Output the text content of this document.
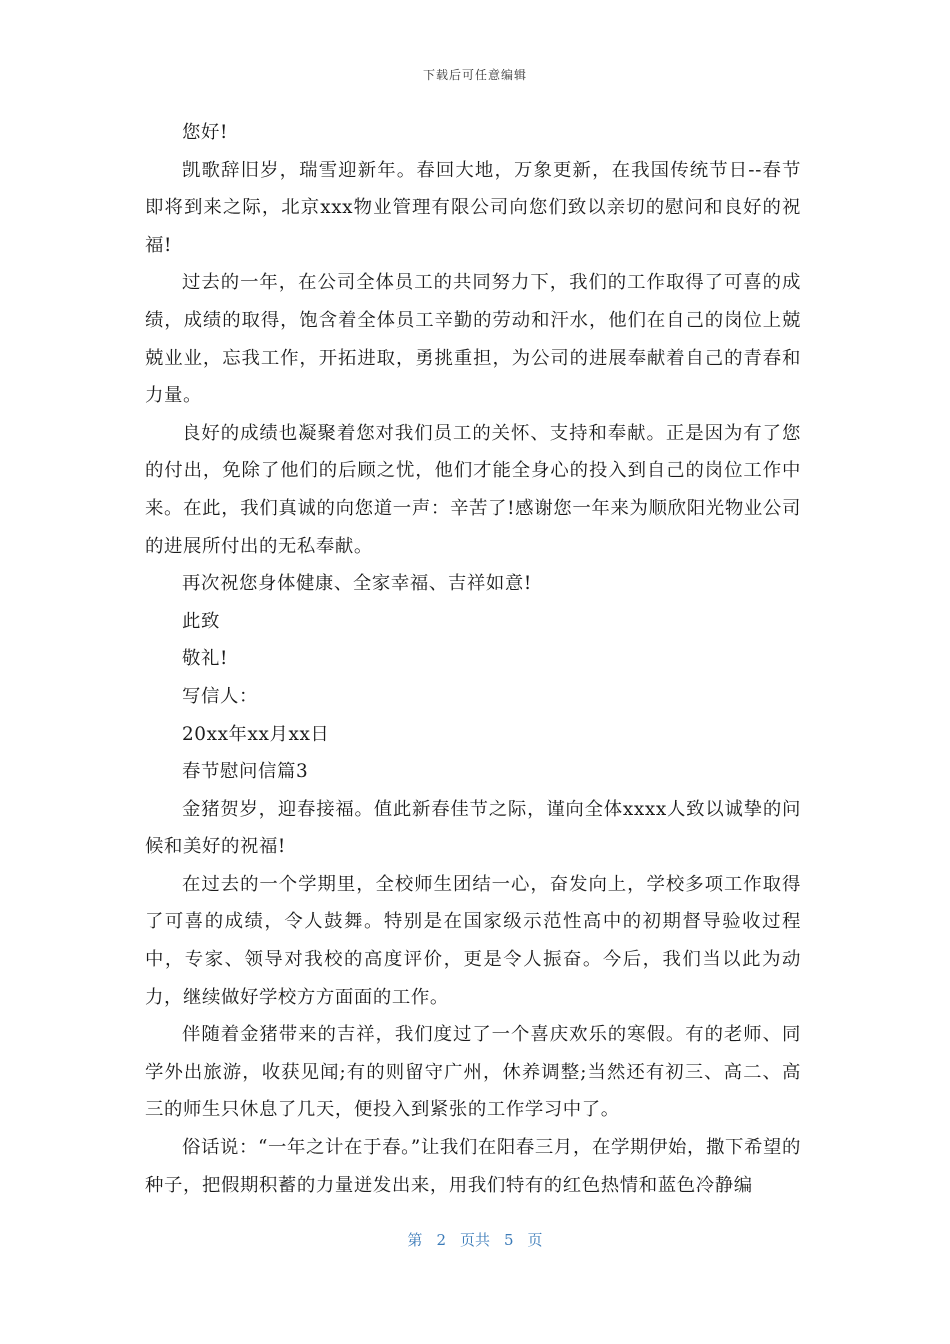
下载后可任意编辑

您好!

凯歌辞旧岁，瑞雪迎新年。春回大地，万象更新，在我国传统节日--春节即将到来之际，北京xxx物业管理有限公司向您们致以亲切的慰问和良好的祝福!

过去的一年，在公司全体员工的共同努力下，我们的工作取得了可喜的成绩，成绩的取得，饱含着全体员工辛勤的劳动和汗水，他们在自己的岗位上兢兢业业，忘我工作，开拓进取，勇挑重担，为公司的进展奉献着自己的青春和力量。

良好的成绩也凝聚着您对我们员工的关怀、支持和奉献。正是因为有了您的付出，免除了他们的后顾之忧，他们才能全身心的投入到自己的岗位工作中来。在此，我们真诚的向您道一声：辛苦了!感谢您一年来为顺欣阳光物业公司的进展所付出的无私奉献。

再次祝您身体健康、全家幸福、吉祥如意!

此致

敬礼!

写信人：

20xx年xx月xx日

春节慰问信篇3

金猪贺岁，迎春接福。值此新春佳节之际，谨向全体xxxx人致以诚挚的问候和美好的祝福!

在过去的一个学期里，全校师生团结一心，奋发向上，学校多项工作取得了可喜的成绩，令人鼓舞。特别是在国家级示范性高中的初期督导验收过程中，专家、领导对我校的高度评价，更是令人振奋。今后，我们当以此为动力，继续做好学校方方面面的工作。

伴随着金猪带来的吉祥，我们度过了一个喜庆欢乐的寒假。有的老师、同学外出旅游，收获见闻;有的则留守广州，休养调整;当然还有初三、高二、高三的师生只休息了几天，便投入到紧张的工作学习中了。

俗话说：“一年之计在于春。”让我们在阳春三月，在学期伊始，撒下希望的种子，把假期积蓄的力量迸发出来，用我们特有的红色热情和蓝色冷静编

第 2 页共 5 页
